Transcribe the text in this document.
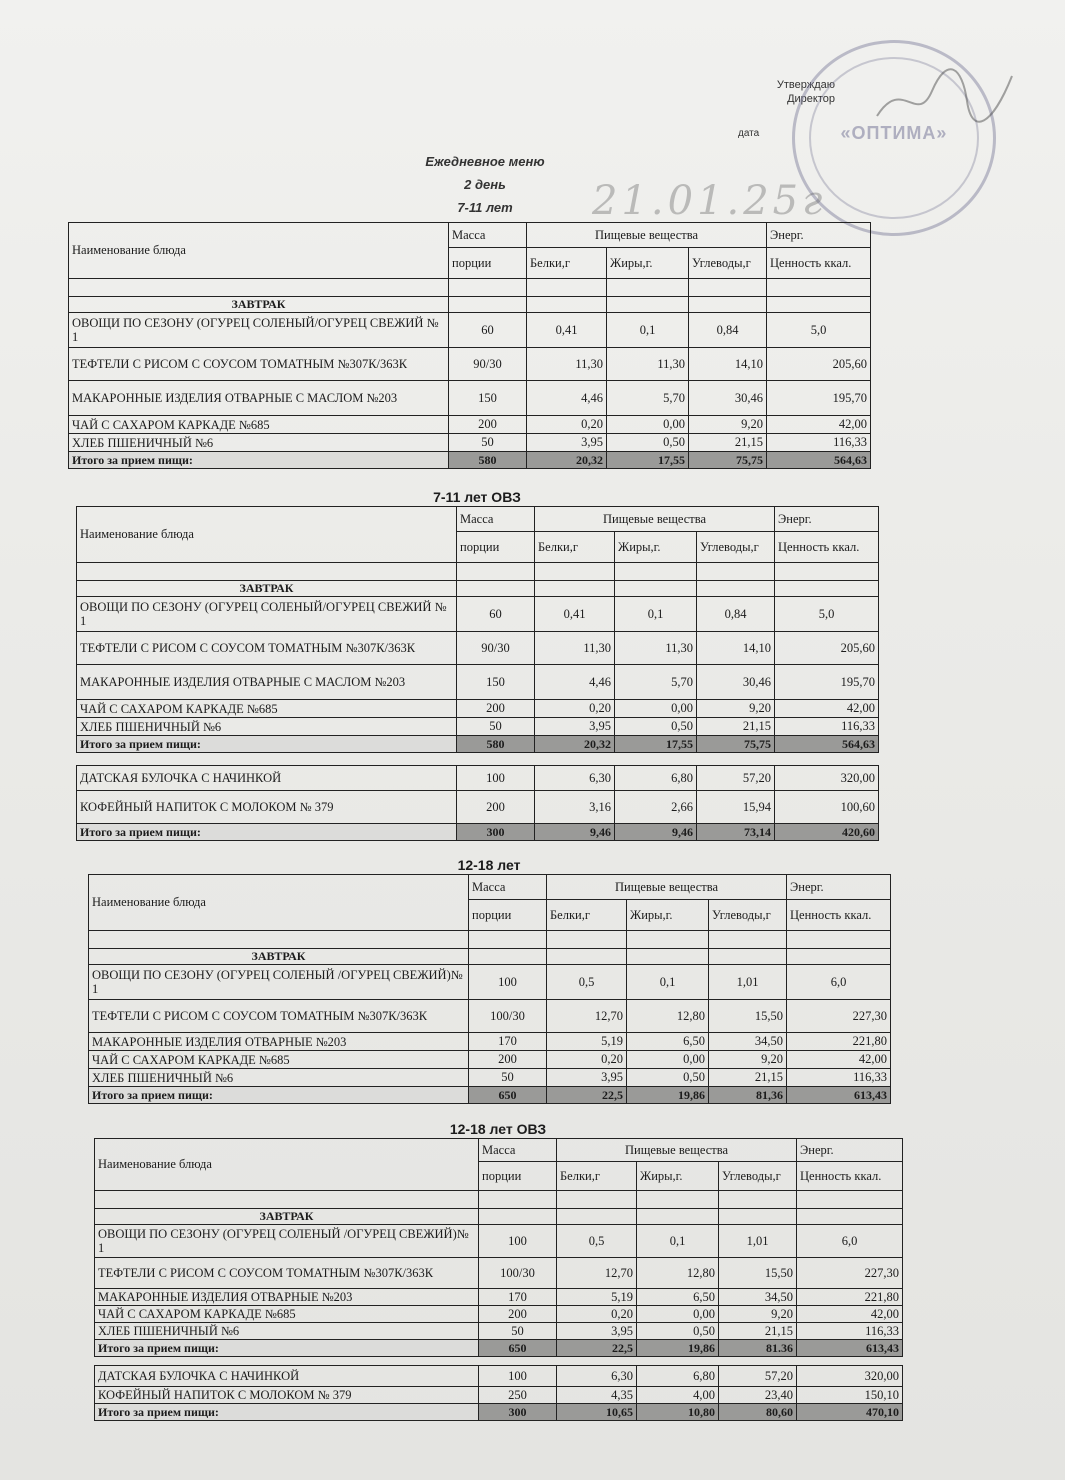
Утверждаю
Директор
дата	«ОПТИМА»
21.01.25г
Ежедневное меню
2 день
7-11 лет
Наименование блюда	Масса	Пищевые вещества			Энерг.
	порции	Белки,г	Жиры,г.	Углеводы,г	Ценность ккал.

ЗАВТРАК					
ОВОЩИ ПО СЕЗОНУ (ОГУРЕЦ СОЛЕНЫЙ/ОГУРЕЦ СВЕЖИЙ № 1	60	0,41	0,1	0,84	5,0
ТЕФТЕЛИ С РИСОМ С СОУСОМ ТОМАТНЫМ №307К/363К	90/30	11,30	11,30	14,10	205,60
МАКАРОННЫЕ ИЗДЕЛИЯ ОТВАРНЫЕ С МАСЛОМ №203	150	4,46	5,70	30,46	195,70
ЧАЙ С САХАРОМ КАРКАДЕ №685	200	0,20	0,00	9,20	42,00
ХЛЕБ ПШЕНИЧНЫЙ №6	50	3,95	0,50	21,15	116,33
Итого за прием пищи:	580	20,32	17,55	75,75	564,63
7-11 лет ОВЗ
Наименование блюда	Масса	Пищевые вещества			Энерг.
	порции	Белки,г	Жиры,г.	Углеводы,г	Ценность ккал.

ЗАВТРАК					
ОВОЩИ ПО СЕЗОНУ (ОГУРЕЦ СОЛЕНЫЙ/ОГУРЕЦ СВЕЖИЙ № 1	60	0,41	0,1	0,84	5,0
ТЕФТЕЛИ С РИСОМ С СОУСОМ ТОМАТНЫМ №307К/363К	90/30	11,30	11,30	14,10	205,60
МАКАРОННЫЕ ИЗДЕЛИЯ ОТВАРНЫЕ С МАСЛОМ №203	150	4,46	5,70	30,46	195,70
ЧАЙ С САХАРОМ КАРКАДЕ №685	200	0,20	0,00	9,20	42,00
ХЛЕБ ПШЕНИЧНЫЙ №6	50	3,95	0,50	21,15	116,33
Итого за прием пищи:	580	20,32	17,55	75,75	564,63
ДАТСКАЯ БУЛОЧКА С НАЧИНКОЙ	100	6,30	6,80	57,20	320,00
КОФЕЙНЫЙ НАПИТОК С МОЛОКОМ № 379	200	3,16	2,66	15,94	100,60
Итого за прием пищи:	300	9,46	9,46	73,14	420,60
12-18 лет
Наименование блюда	Масса	Пищевые вещества			Энерг.
	порции	Белки,г	Жиры,г.	Углеводы,г	Ценность ккал.

ЗАВТРАК					
ОВОЩИ ПО СЕЗОНУ (ОГУРЕЦ СОЛЕНЫЙ /ОГУРЕЦ СВЕЖИЙ)№ 1	100	0,5	0,1	1,01	6,0
ТЕФТЕЛИ С РИСОМ С СОУСОМ ТОМАТНЫМ №307К/363К	100/30	12,70	12,80	15,50	227,30
МАКАРОННЫЕ ИЗДЕЛИЯ ОТВАРНЫЕ №203	170	5,19	6,50	34,50	221,80
ЧАЙ С САХАРОМ КАРКАДЕ №685	200	0,20	0,00	9,20	42,00
ХЛЕБ ПШЕНИЧНЫЙ №6	50	3,95	0,50	21,15	116,33
Итого за прием пищи:	650	22,5	19,86	81,36	613,43
12-18 лет ОВЗ
Наименование блюда	Масса	Пищевые вещества			Энерг.
	порции	Белки,г	Жиры,г.	Углеводы,г	Ценность ккал.

ЗАВТРАК					
ОВОЩИ ПО СЕЗОНУ (ОГУРЕЦ СОЛЕНЫЙ /ОГУРЕЦ СВЕЖИЙ)№ 1	100	0,5	0,1	1,01	6,0
ТЕФТЕЛИ С РИСОМ С СОУСОМ ТОМАТНЫМ №307К/363К	100/30	12,70	12,80	15,50	227,30
МАКАРОННЫЕ ИЗДЕЛИЯ ОТВАРНЫЕ №203	170	5,19	6,50	34,50	221,80
ЧАЙ С САХАРОМ КАРКАДЕ №685	200	0,20	0,00	9,20	42,00
ХЛЕБ ПШЕНИЧНЫЙ №6	50	3,95	0,50	21,15	116,33
Итого за прием пищи:	650	22,5	19,86	81.36	613,43
ДАТСКАЯ БУЛОЧКА С НАЧИНКОЙ	100	6,30	6,80	57,20	320,00
КОФЕЙНЫЙ НАПИТОК С МОЛОКОМ № 379	250	4,35	4,00	23,40	150,10
Итого за прием пищи:	300	10,65	10,80	80,60	470,10
